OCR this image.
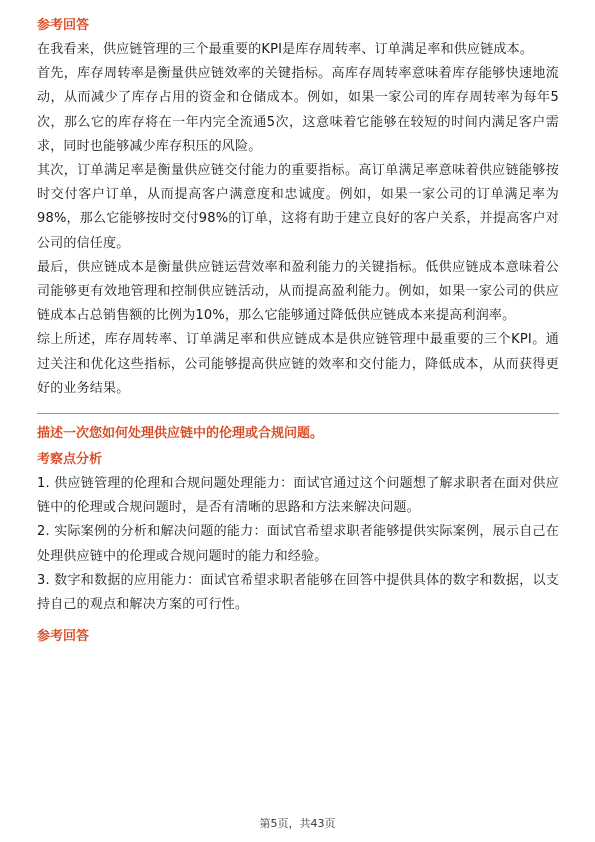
参考回答

在我看来，供应链管理的三个最重要的KPI是库存周转率、订单满足率和供应链成本。

首先，库存周转率是衡量供应链效率的关键指标。高库存周转率意味着库存能够快速地流动，从而减少了库存占用的资金和仓储成本。例如，如果一家公司的库存周转率为每年5次，那么它的库存将在一年内完全流通5次，这意味着它能够在较短的时间内满足客户需求，同时也能够减少库存积压的风险。

其次，订单满足率是衡量供应链交付能力的重要指标。高订单满足率意味着供应链能够按时交付客户订单，从而提高客户满意度和忠诚度。例如，如果一家公司的订单满足率为98%，那么它能够按时交付98%的订单，这将有助于建立良好的客户关系，并提高客户对公司的信任度。

最后，供应链成本是衡量供应链运营效率和盈利能力的关键指标。低供应链成本意味着公司能够更有效地管理和控制供应链活动，从而提高盈利能力。例如，如果一家公司的供应链成本占总销售额的比例为10%，那么它能够通过降低供应链成本来提高利润率。

综上所述，库存周转率、订单满足率和供应链成本是供应链管理中最重要的三个KPI。通过关注和优化这些指标，公司能够提高供应链的效率和交付能力，降低成本，从而获得更好的业务结果。

描述一次您如何处理供应链中的伦理或合规问题。

考察点分析

1. 供应链管理的伦理和合规问题处理能力：面试官通过这个问题想了解求职者在面对供应链中的伦理或合规问题时，是否有清晰的思路和方法来解决问题。

2. 实际案例的分析和解决问题的能力：面试官希望求职者能够提供实际案例，展示自己在处理供应链中的伦理或合规问题时的能力和经验。

3. 数字和数据的应用能力：面试官希望求职者能够在回答中提供具体的数字和数据，以支持自己的观点和解决方案的可行性。

参考回答

第5页，共43页
